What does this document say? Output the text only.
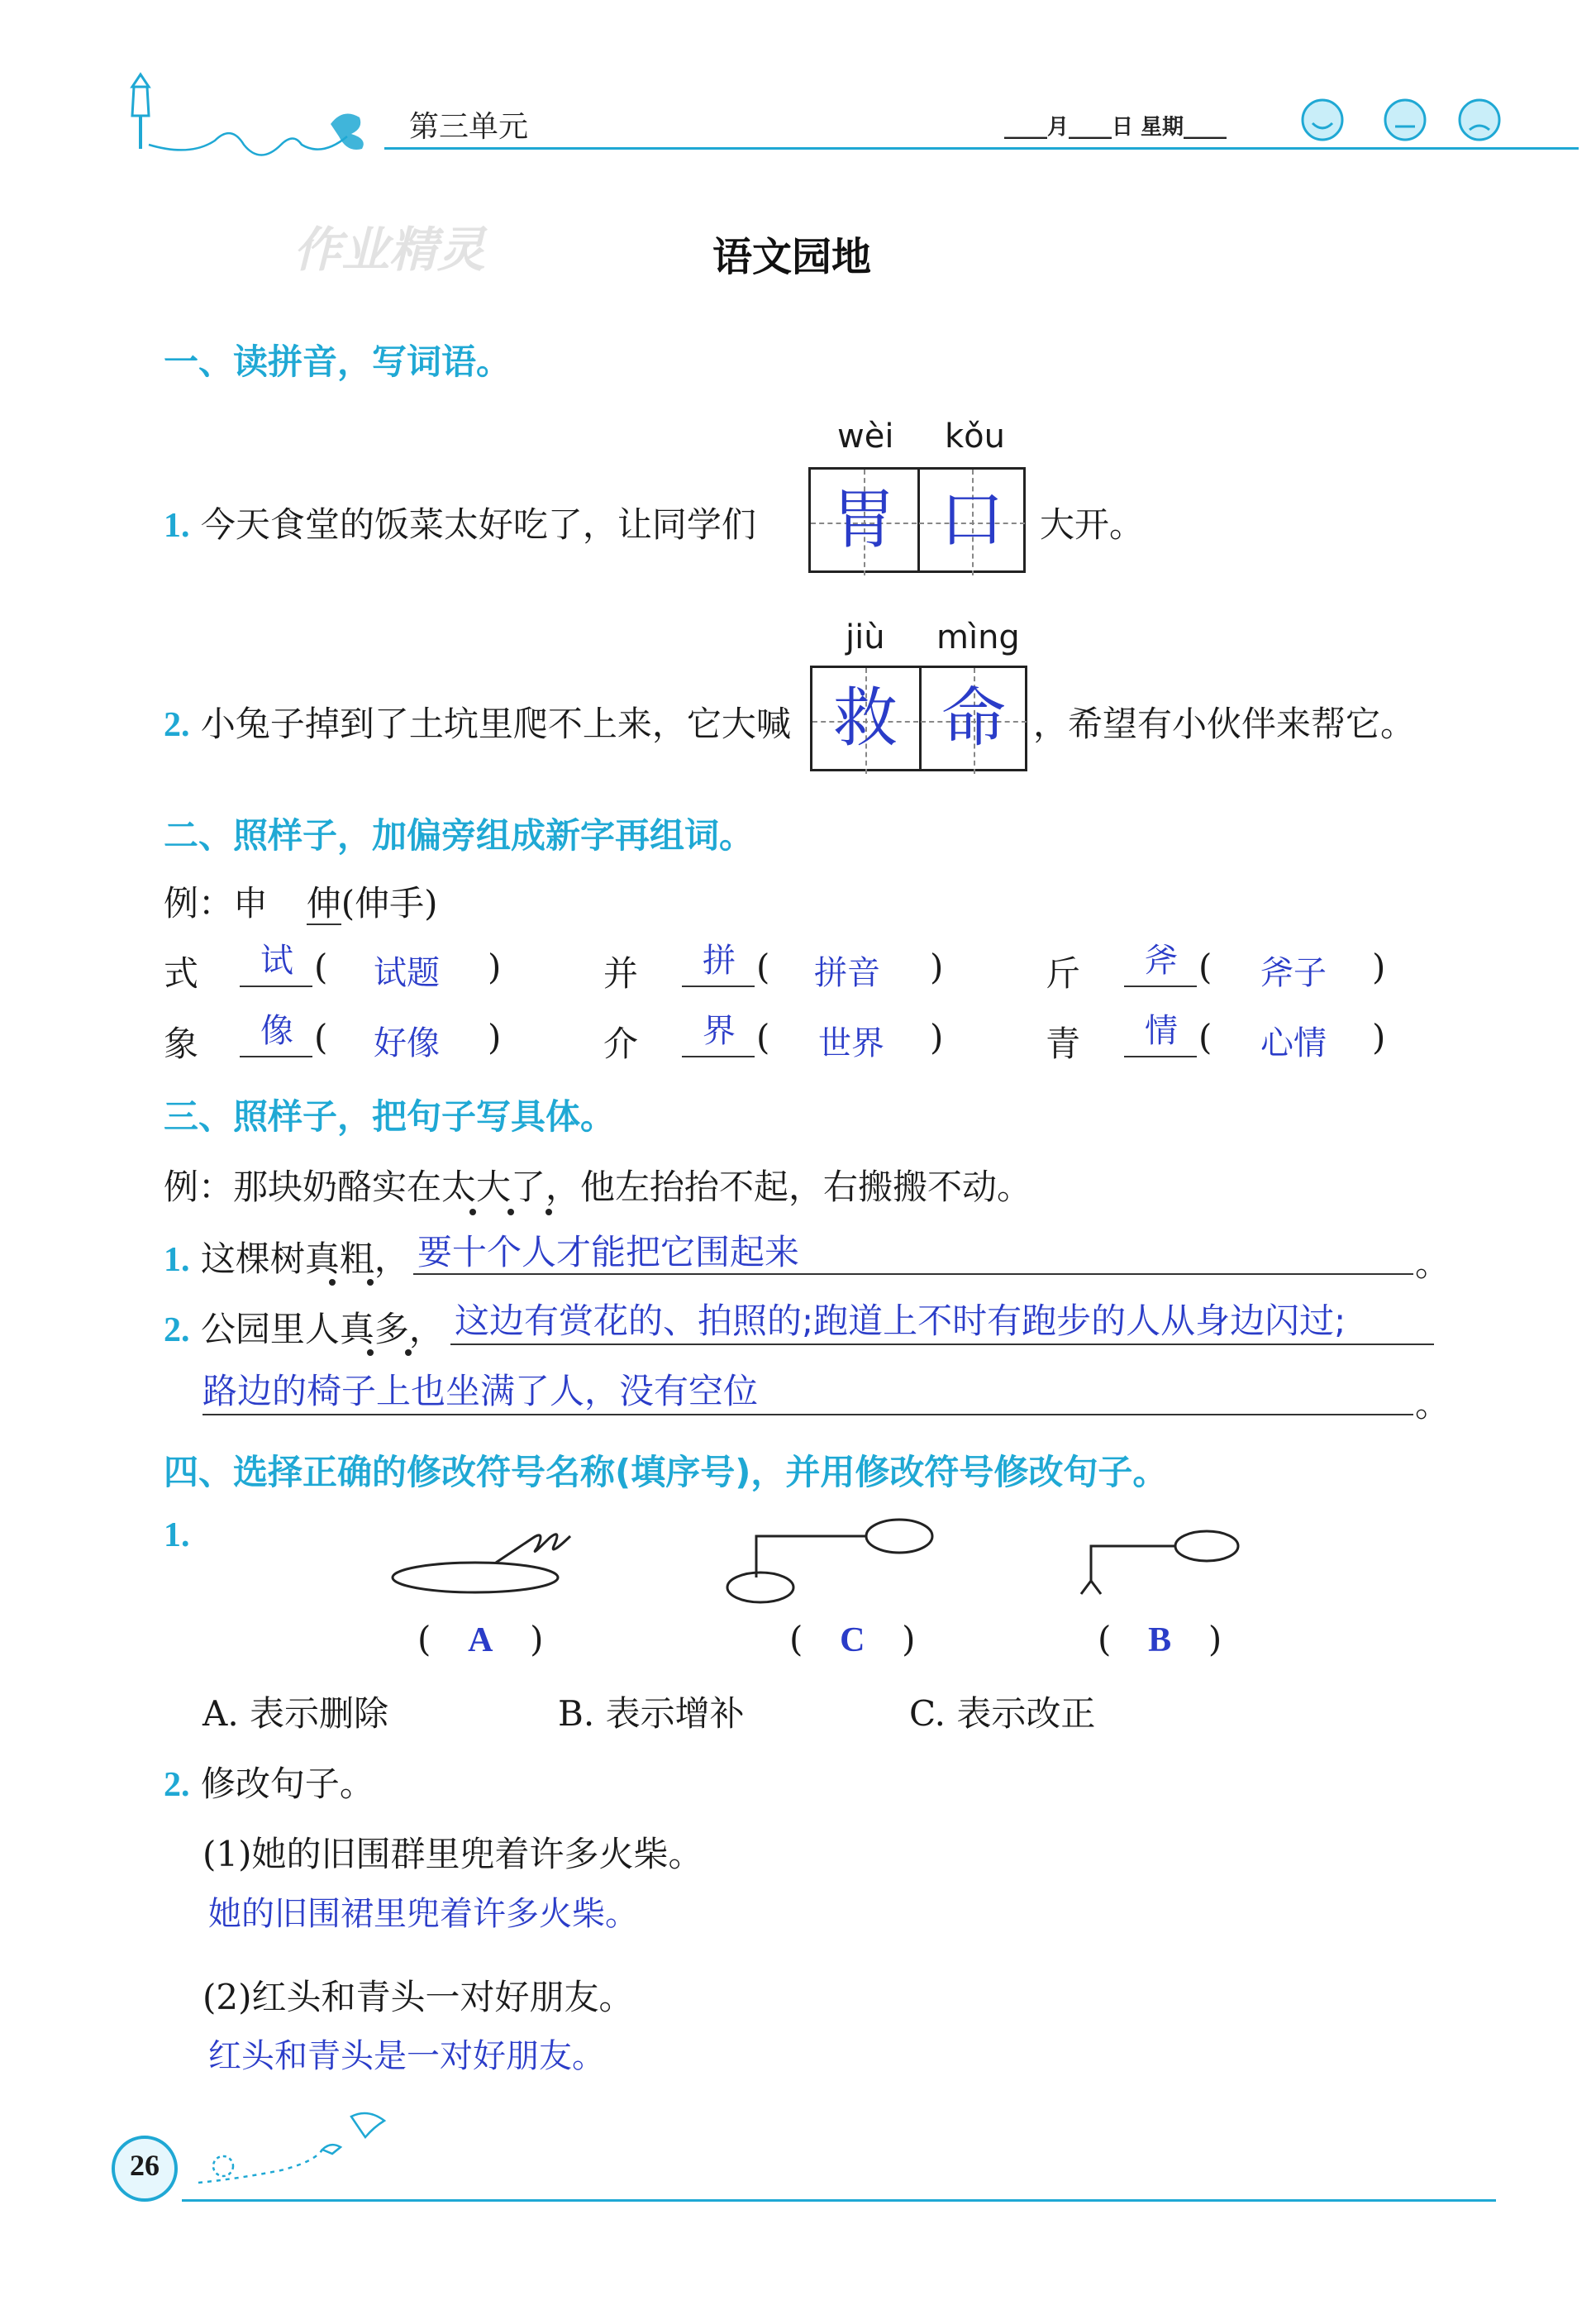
第三单元	____月____日 星期____
作业精灵	语文园地
一、读拼音，写词语。
wèi kǒu
1. 今天食堂的饭菜太好吃了，让同学们	胃 口	大开。
jiù mìng
2. 小兔子掉到了土坑里爬不上来，它大喊 救 命 ，希望有小伙伴来帮它。
二、照样子，加偏旁组成新字再组词。
例：申 伸(伸手)
式 试 ( 试题 )	并 拼 ( 拼音 )	斤 斧 ( 斧子 )
象 像 ( 好像 )	介 界 ( 世界 )	青 情 ( 心情 )
三、照样子，把句子写具体。
例：那块奶酪实在太大了，他左抬抬不起，右搬搬不动。
1. 这棵树真粗， 要十个人才能把它围起来	。
2. 公园里人真多， 这边有赏花的、拍照的;跑道上不时有跑步的人从身边闪过;
路边的椅子上也坐满了人，没有空位	。
四、选择正确的修改符号名称(填序号)，并用修改符号修改句子。
1.
( A )	( C )	( B )
A. 表示删除	B. 表示增补	C. 表示改正
2. 修改句子。
(1)她的旧围群里兜着许多火柴。
她的旧围裙里兜着许多火柴。
(2)红头和青头一对好朋友。
红头和青头是一对好朋友。
26
